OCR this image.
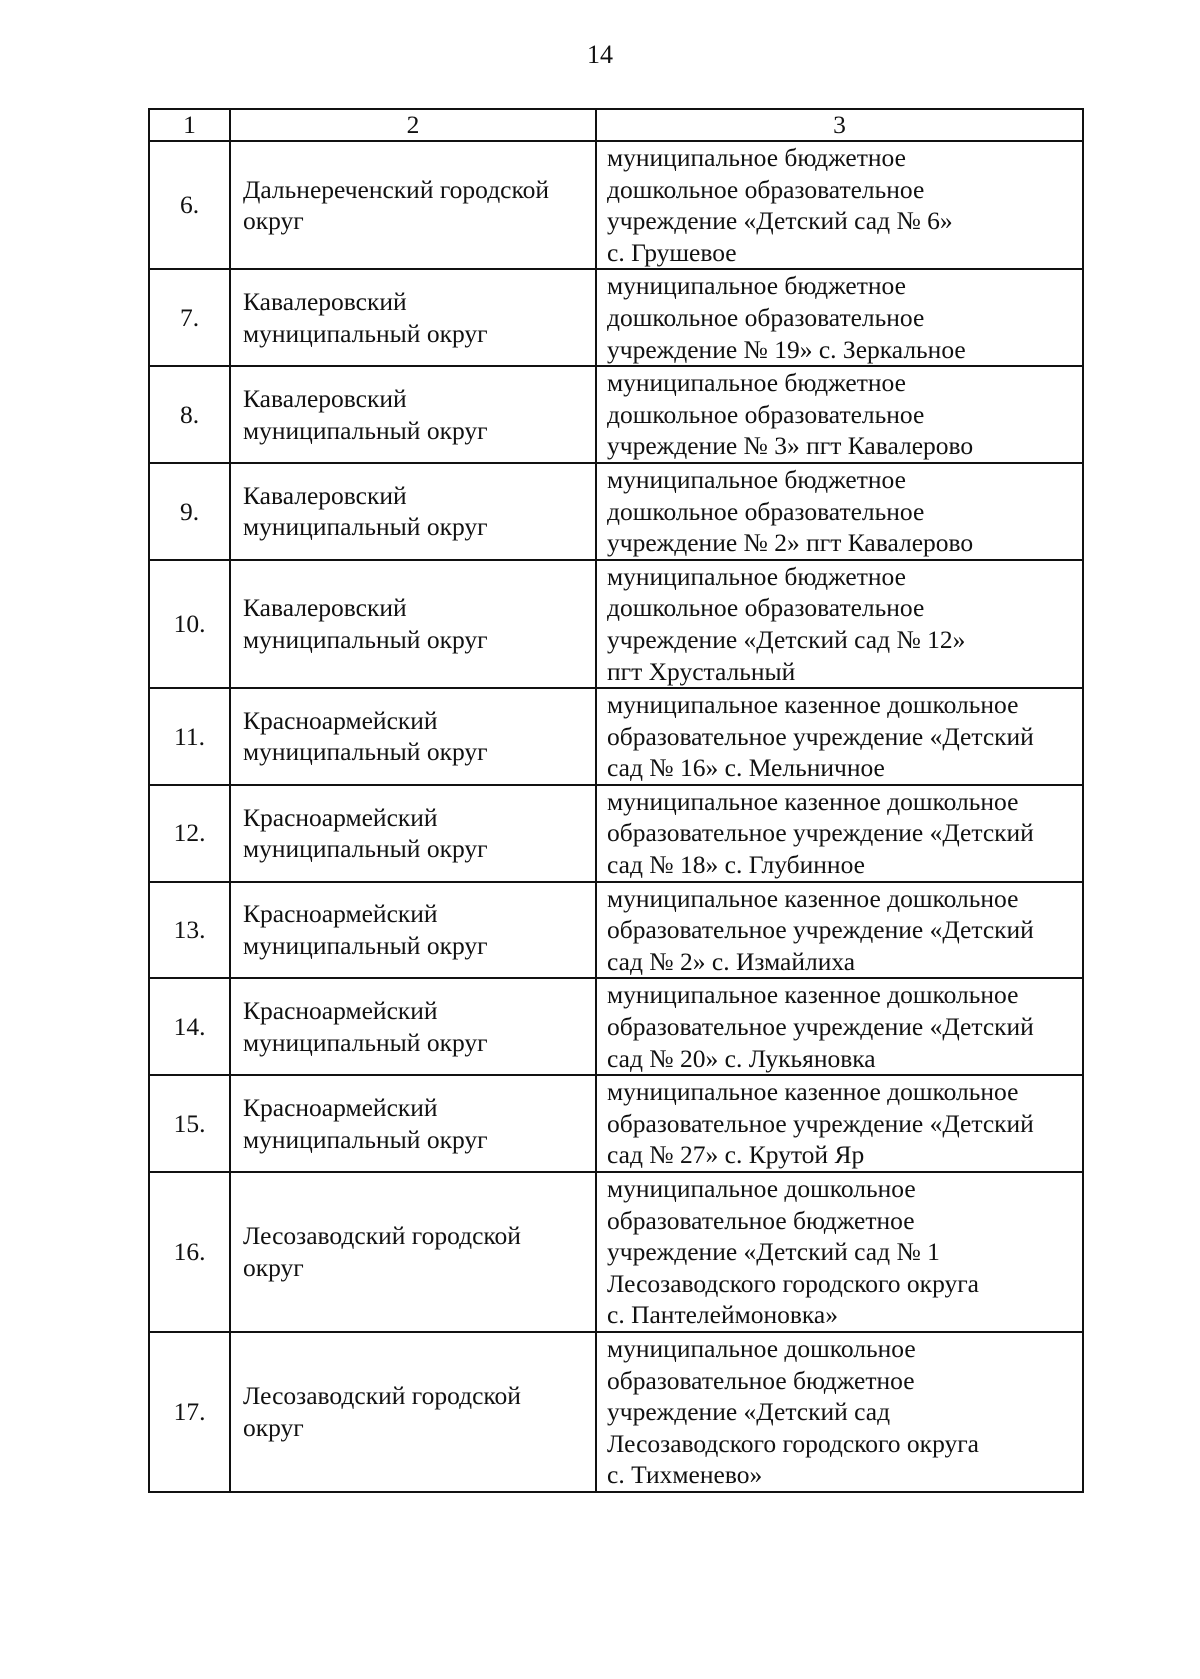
14
1	2	3
6.	Дальнереченский городской
округ	муниципальное бюджетное
дошкольное образовательное
учреждение «Детский сад № 6»
с. Грушевое

7.	Кавалеровский
муниципальный округ	муниципальное бюджетное
дошкольное образовательное
учреждение № 19» с. Зеркальное

8.	Кавалеровский
муниципальный округ	муниципальное бюджетное
дошкольное образовательное
учреждение № 3» пгт Кавалерово

9.	Кавалеровский
муниципальный округ	муниципальное бюджетное
дошкольное образовательное
учреждение № 2» пгт Кавалерово

10.	Кавалеровский
муниципальный округ	муниципальное бюджетное
дошкольное образовательное
учреждение «Детский сад № 12»
пгт Хрустальный

11.	Красноармейский
муниципальный округ	муниципальное казенное дошкольное
образовательное учреждение «Детский
сад № 16» с. Мельничное

12.	Красноармейский
муниципальный округ	муниципальное казенное дошкольное
образовательное учреждение «Детский
сад № 18» с. Глубинное

13.	Красноармейский
муниципальный округ	муниципальное казенное дошкольное
образовательное учреждение «Детский
сад № 2» с. Измайлиха

14.	Красноармейский
муниципальный округ	муниципальное казенное дошкольное
образовательное учреждение «Детский
сад № 20» с. Лукьяновка

15.	Красноармейский
муниципальный округ	муниципальное казенное дошкольное
образовательное учреждение «Детский
сад № 27» с. Крутой Яр

16.	Лесозаводский городской
округ	муниципальное дошкольное
образовательное бюджетное
учреждение «Детский сад № 1
Лесозаводского городского округа
с. Пантелеймоновка»

17.	Лесозаводский городской
округ	муниципальное дошкольное
образовательное бюджетное
учреждение «Детский сад
Лесозаводского городского округа
с. Тихменево»
